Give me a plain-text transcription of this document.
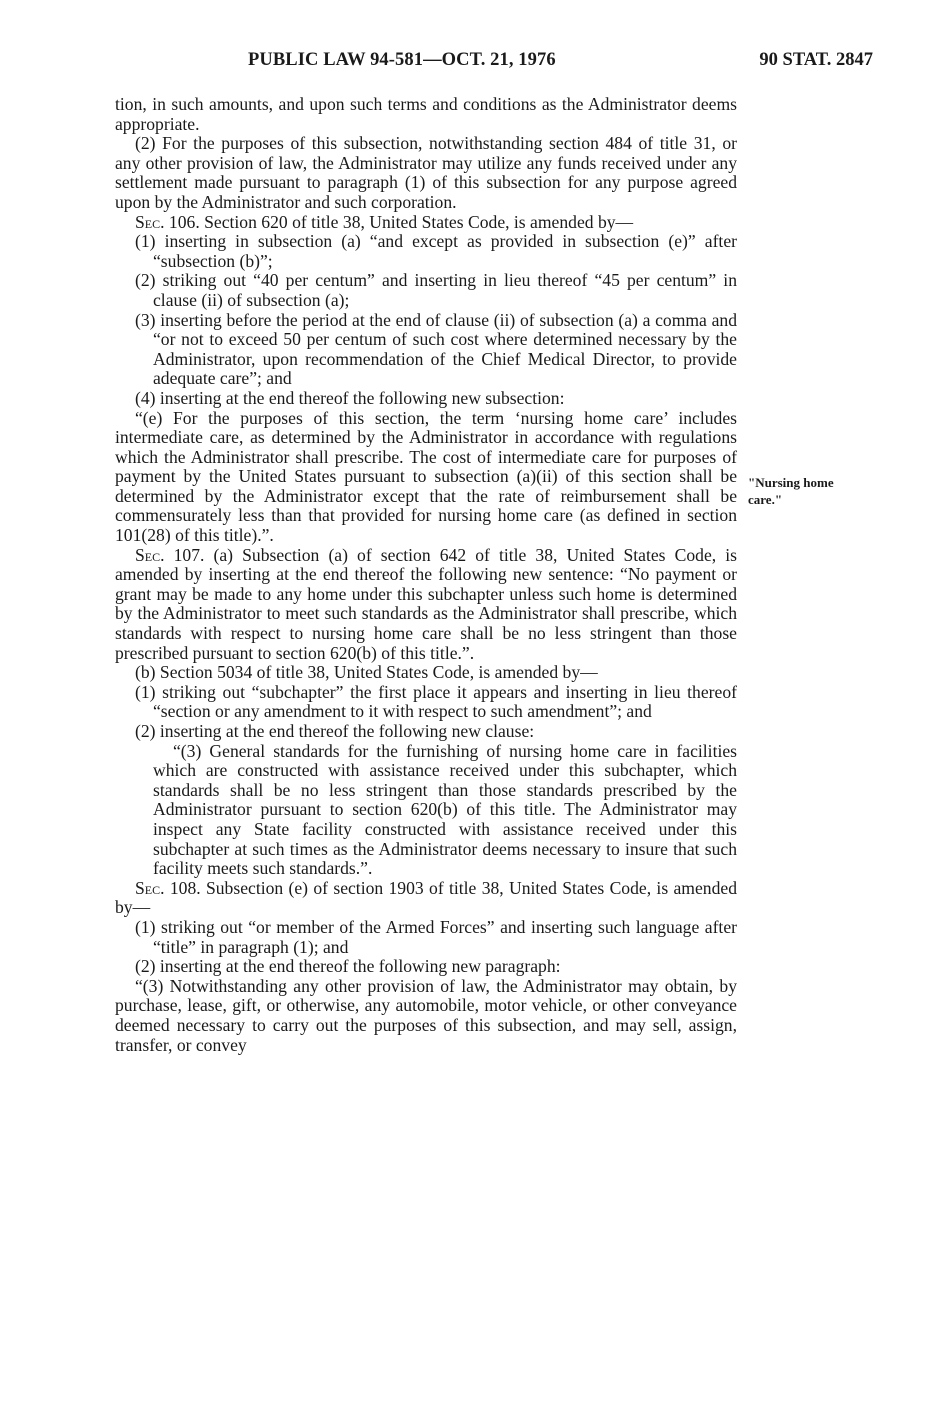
PUBLIC LAW 94-581—OCT. 21, 1976	90 STAT. 2847

tion, in such amounts, and upon such terms and conditions as the Administrator deems appropriate.

(2) For the purposes of this subsection, notwithstanding section 484 of title 31, or any other provision of law, the Administrator may utilize any funds received under any settlement made pursuant to paragraph (1) of this subsection for any purpose agreed upon by the Administrator and such corporation.

Sec. 106. Section 620 of title 38, United States Code, is amended by—

(1) inserting in subsection (a) “and except as provided in subsection (e)” after “subsection (b)”;

(2) striking out “40 per centum” and inserting in lieu thereof “45 per centum” in clause (ii) of subsection (a);

(3) inserting before the period at the end of clause (ii) of subsection (a) a comma and “or not to exceed 50 per centum of such cost where determined necessary by the Administrator, upon recommendation of the Chief Medical Director, to provide adequate care”; and

(4) inserting at the end thereof the following new subsection:

“(e) For the purposes of this section, the term ‘nursing home care’ includes intermediate care, as determined by the Administrator in accordance with regulations which the Administrator shall prescribe. The cost of intermediate care for purposes of payment by the United States pursuant to subsection (a)(ii) of this section shall be determined by the Administrator except that the rate of reimbursement shall be commensurately less than that provided for nursing home care (as defined in section 101(28) of this title).”.

Sec. 107. (a) Subsection (a) of section 642 of title 38, United States Code, is amended by inserting at the end thereof the following new sentence: “No payment or grant may be made to any home under this subchapter unless such home is determined by the Administrator to meet such standards as the Administrator shall prescribe, which standards with respect to nursing home care shall be no less stringent than those prescribed pursuant to section 620(b) of this title.”.

(b) Section 5034 of title 38, United States Code, is amended by—

(1) striking out “subchapter” the first place it appears and inserting in lieu thereof “section or any amendment to it with respect to such amendment”; and

(2) inserting at the end thereof the following new clause:

“(3) General standards for the furnishing of nursing home care in facilities which are constructed with assistance received under this subchapter, which standards shall be no less stringent than those standards prescribed by the Administrator pursuant to section 620(b) of this title. The Administrator may inspect any State facility constructed with assistance received under this subchapter at such times as the Administrator deems necessary to insure that such facility meets such standards.”.

Sec. 108. Subsection (e) of section 1903 of title 38, United States Code, is amended by—

(1) striking out “or member of the Armed Forces” and inserting such language after “title” in paragraph (1); and

(2) inserting at the end thereof the following new paragraph:

“(3) Notwithstanding any other provision of law, the Administrator may obtain, by purchase, lease, gift, or otherwise, any automobile, motor vehicle, or other conveyance deemed necessary to carry out the purposes of this subsection, and may sell, assign, transfer, or convey

"Nursing home
care."
